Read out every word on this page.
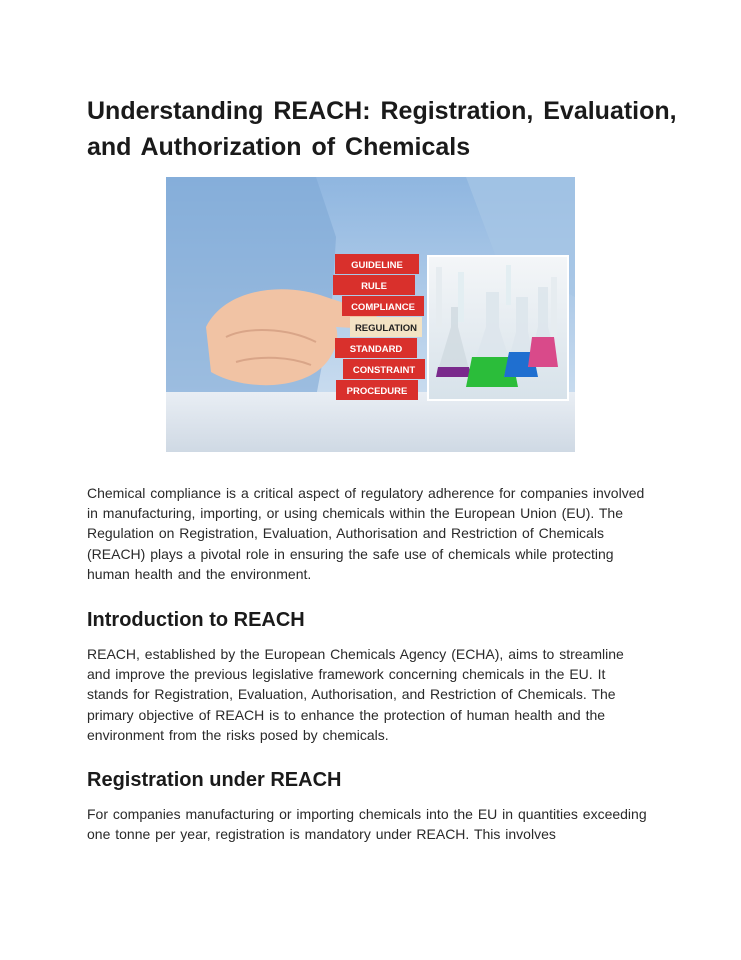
Understanding REACH: Registration, Evaluation, and Authorization of Chemicals
GUIDELINE
RULE
COMPLIANCE
REGULATION
STANDARD
CONSTRAINT
PROCEDURE

Chemical compliance is a critical aspect of regulatory adherence for companies involved in manufacturing, importing, or using chemicals within the European Union (EU). The Regulation on Registration, Evaluation, Authorisation and Restriction of Chemicals (REACH) plays a pivotal role in ensuring the safe use of chemicals while protecting human health and the environment.

Introduction to REACH

REACH, established by the European Chemicals Agency (ECHA), aims to streamline and improve the previous legislative framework concerning chemicals in the EU. It stands for Registration, Evaluation, Authorisation, and Restriction of Chemicals. The primary objective of REACH is to enhance the protection of human health and the environment from the risks posed by chemicals.

Registration under REACH

For companies manufacturing or importing chemicals into the EU in quantities exceeding one tonne per year, registration is mandatory under REACH. This involves
